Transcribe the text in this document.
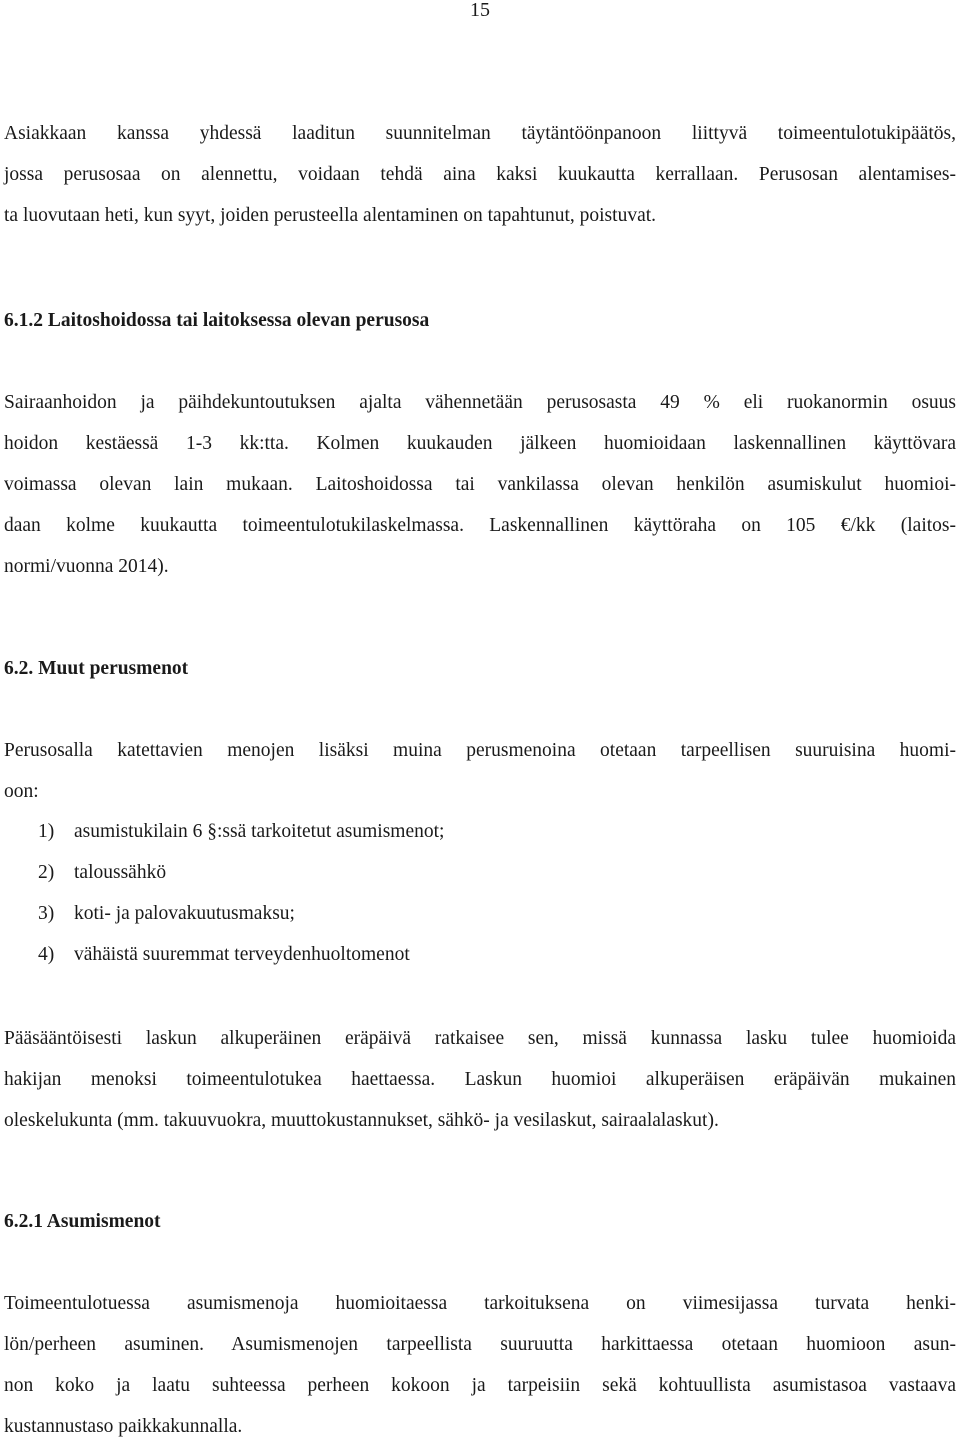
15

Asiakkaan kanssa yhdessä laaditun suunnitelman täytäntöönpanoon liittyvä toimeentulotukipäätös,
jossa perusosaa on alennettu, voidaan tehdä aina kaksi kuukautta kerrallaan. Perusosan alentamises-
ta luovutaan heti, kun syyt, joiden perusteella alentaminen on tapahtunut, poistuvat.

6.1.2 Laitoshoidossa tai laitoksessa olevan perusosa

Sairaanhoidon ja päihdekuntoutuksen ajalta vähennetään perusosasta 49 % eli ruokanormin osuus
hoidon kestäessä 1-3 kk:tta. Kolmen kuukauden jälkeen huomioidaan laskennallinen käyttövara
voimassa olevan lain mukaan. Laitoshoidossa tai vankilassa olevan henkilön asumiskulut huomioi-
daan kolme kuukautta toimeentulotukilaskelmassa. Laskennallinen käyttöraha on 105 €/kk (laitos-
normi/vuonna 2014).

6.2. Muut perusmenot

Perusosalla katettavien menojen lisäksi muina perusmenoina otetaan tarpeellisen suuruisina huomi-
oon:

1)	asumistukilain 6 §:ssä tarkoitetut asumismenot;
2)	taloussähkö
3)	koti- ja palovakuutusmaksu;
4)	vähäistä suuremmat terveydenhuoltomenot

Pääsääntöisesti laskun alkuperäinen eräpäivä ratkaisee sen, missä kunnassa lasku tulee huomioida
hakijan menoksi toimeentulotukea haettaessa. Laskun huomioi alkuperäisen eräpäivän mukainen
oleskelukunta (mm. takuuvuokra, muuttokustannukset, sähkö- ja vesilaskut, sairaalalaskut).

6.2.1 Asumismenot

Toimeentulotuessa asumismenoja huomioitaessa tarkoituksena on viimesijassa turvata henki-
lön/perheen asuminen. Asumismenojen tarpeellista suuruutta harkittaessa otetaan huomioon asun-
non koko ja laatu suhteessa perheen kokoon ja tarpeisiin sekä kohtuullista asumistasoa vastaava
kustannustaso paikkakunnalla.
